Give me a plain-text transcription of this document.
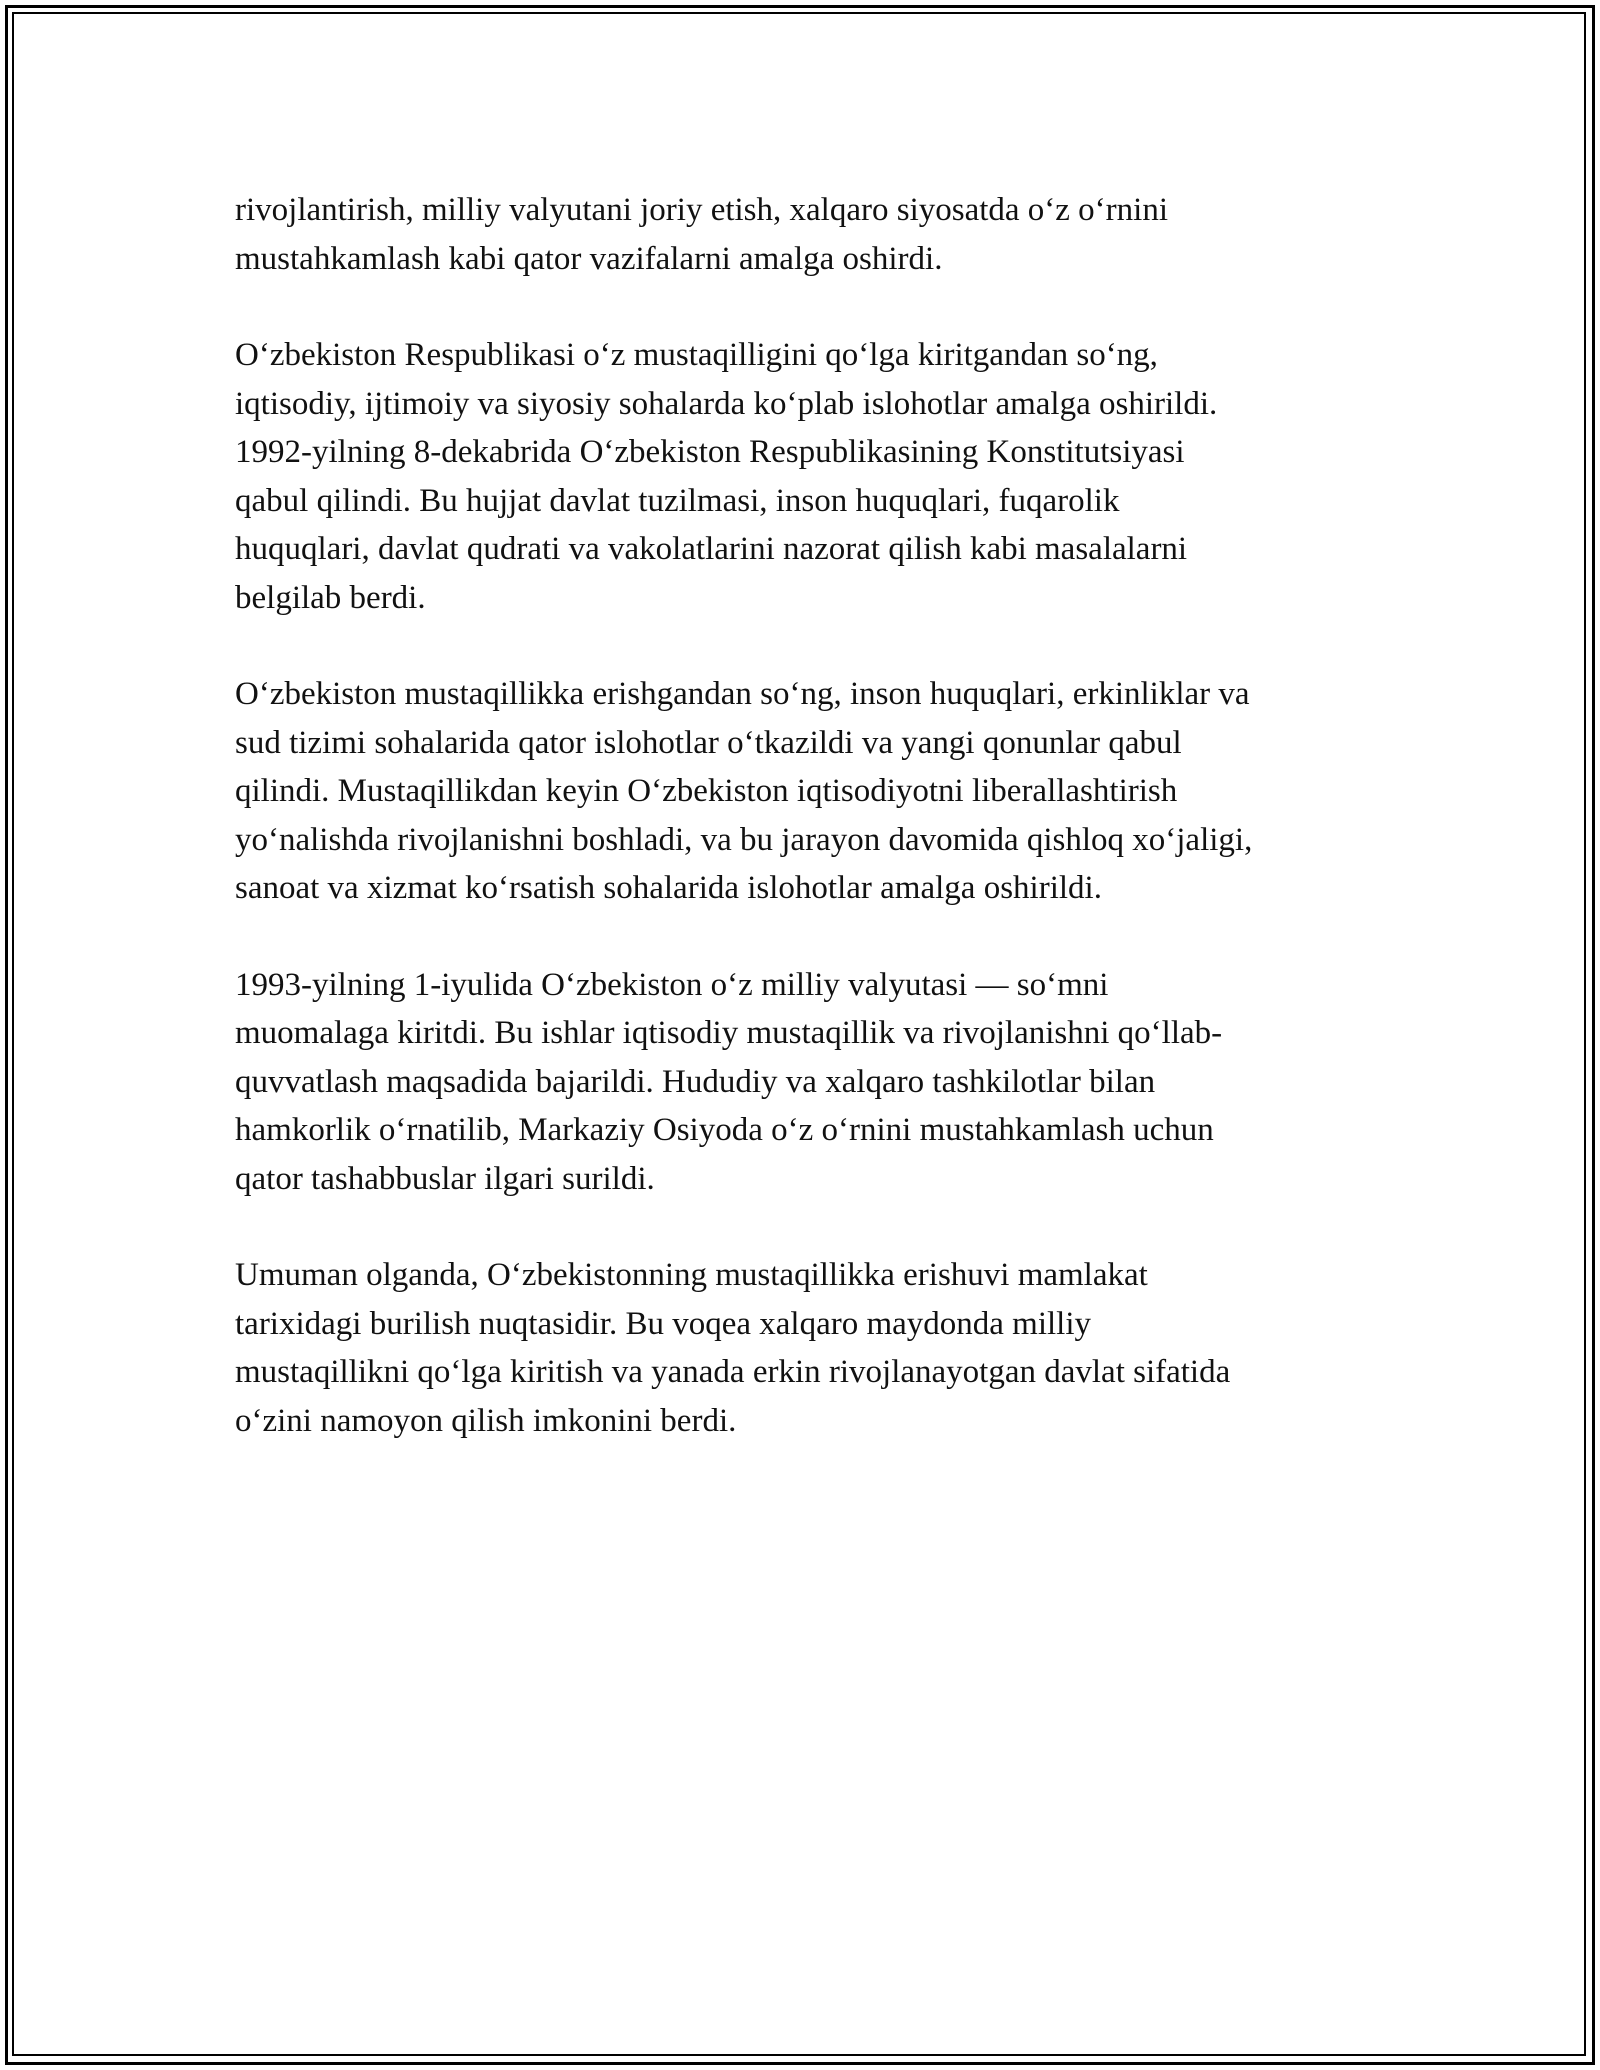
rivojlantirish, milliy valyutani joriy etish, xalqaro siyosatda o‘z o‘rnini
mustahkamlash kabi qator vazifalarni amalga oshirdi.

O‘zbekiston Respublikasi o‘z mustaqilligini qo‘lga kiritgandan so‘ng,
iqtisodiy, ijtimoiy va siyosiy sohalarda ko‘plab islohotlar amalga oshirildi.
1992-yilning 8-dekabrida O‘zbekiston Respublikasining Konstitutsiyasi
qabul qilindi. Bu hujjat davlat tuzilmasi, inson huquqlari, fuqarolik
huquqlari, davlat qudrati va vakolatlarini nazorat qilish kabi masalalarni
belgilab berdi.

O‘zbekiston mustaqillikka erishgandan so‘ng, inson huquqlari, erkinliklar va
sud tizimi sohalarida qator islohotlar o‘tkazildi va yangi qonunlar qabul
qilindi. Mustaqillikdan keyin O‘zbekiston iqtisodiyotni liberallashtirish
yo‘nalishda rivojlanishni boshladi, va bu jarayon davomida qishloq xo‘jaligi,
sanoat va xizmat ko‘rsatish sohalarida islohotlar amalga oshirildi.

1993-yilning 1-iyulida O‘zbekiston o‘z milliy valyutasi — so‘mni
muomalaga kiritdi. Bu ishlar iqtisodiy mustaqillik va rivojlanishni qo‘llab-
quvvatlash maqsadida bajarildi. Hududiy va xalqaro tashkilotlar bilan
hamkorlik o‘rnatilib, Markaziy Osiyoda o‘z o‘rnini mustahkamlash uchun
qator tashabbuslar ilgari surildi.

Umuman olganda, O‘zbekistonning mustaqillikka erishuvi mamlakat
tarixidagi burilish nuqtasidir. Bu voqea xalqaro maydonda milliy
mustaqillikni qo‘lga kiritish va yanada erkin rivojlanayotgan davlat sifatida
o‘zini namoyon qilish imkonini berdi.
